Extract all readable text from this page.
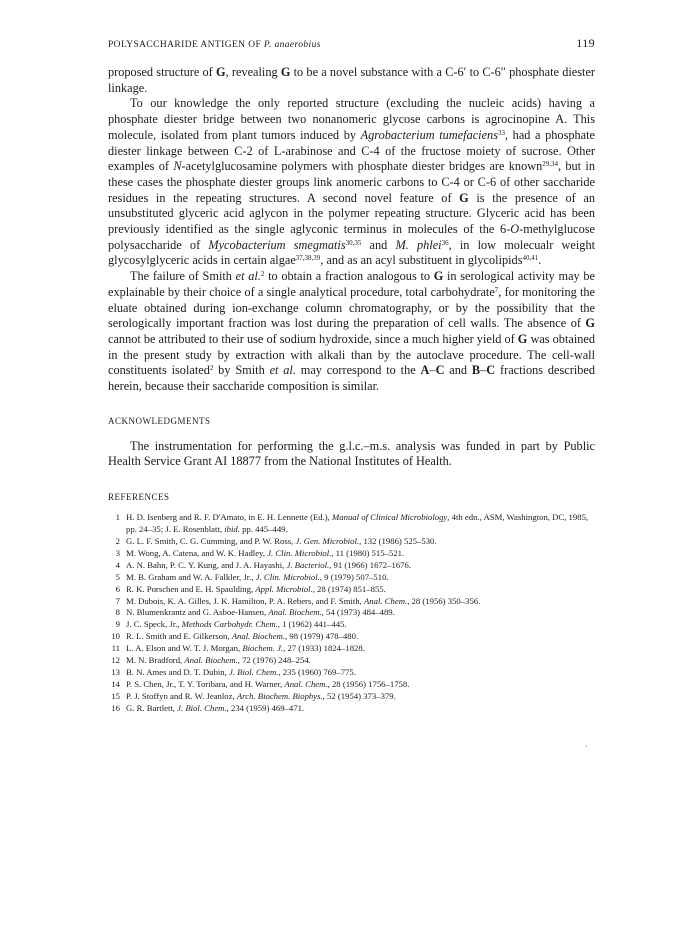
POLYSACCHARIDE ANTIGEN OF P. anaerobius	119

proposed structure of G, revealing G to be a novel substance with a C-6′ to C-6″ phosphate diester linkage.

To our knowledge the only reported structure (excluding the nucleic acids) having a phosphate diester bridge between two nonanomeric glycose carbons is agrocinopine A. This molecule, isolated from plant tumors induced by Agrobacterium tumefaciens$^{33}$, had a phosphate diester linkage between C-2 of L-arabinose and C-4 of the fructose moiety of sucrose. Other examples of N-acetylglucosamine polymers with phosphate diester bridges are known$^{29,34}$, but in these cases the phosphate diester groups link anomeric carbons to C-4 or C-6 of other saccharide residues in the repeating structures. A second novel feature of G is the presence of an unsubstituted glyceric acid aglycon in the polymer repeating structure. Glyceric acid has been previously identified as the single aglyconic terminus in molecules of the 6-O-methylglucose polysaccharide of Mycobacterium smegmatis$^{30,35}$ and M. phlei$^{36}$, in low molecualr weight glycosylglyceric acids in certain algae$^{37,38,39}$, and as an acyl substituent in glycolipids$^{40,41}$.

The failure of Smith et al.$^2$ to obtain a fraction analogous to G in serological activity may be explainable by their choice of a single analytical procedure, total carbohydrate$^7$, for monitoring the eluate obtained during ion-exchange column chromatography, or by the possibility that the serologically important fraction was lost during the preparation of cell walls. The absence of G cannot be attributed to their use of sodium hydroxide, since a much higher yield of G was obtained in the present study by extraction with alkali than by the autoclave procedure. The cell-wall constituents isolated$^2$ by Smith et al. may correspond to the A–C and B–C fractions described herein, because their saccharide composition is similar.

ACKNOWLEDGMENTS

The instrumentation for performing the g.l.c.–m.s. analysis was funded in part by Public Health Service Grant AI 18877 from the National Institutes of Health.

REFERENCES
1 H. D. Isenberg and R. F. D'Amato, in E. H. Lennette (Ed.), Manual of Clinical Microbiology, 4th edn., ASM, Washington, DC, 1985, pp. 24–35; J. E. Rosenblatt, ibid. pp. 445–449.
2 G. L. F. Smith, C. G. Cumming, and P. W. Ross, J. Gen. Microbiol., 132 (1986) 525–530.
3 M. Wong, A. Catena, and W. K. Hadley, J. Clin. Microbiol., 11 (1980) 515–521.
4 A. N. Bahn, P. C. Y. Kung, and J. A. Hayashi, J. Bacteriol., 91 (1966) 1672–1676.
5 M. B. Graham and W. A. Falkler, Jr., J. Clin. Microbiol., 9 (1979) 507–510.
6 R. K. Porschen and E. H. Spaulding, Appl. Microbiol., 28 (1974) 851–855.
7 M. Dubois, K. A. Gilles, J. K. Hamilton, P. A. Rebers, and F. Smith, Anal. Chem., 28 (1956) 350–356.
8 N. Blumenkrantz and G. Asboe-Hansen, Anal. Biochem., 54 (1973) 484–489.
9 J. C. Speck, Jr., Methods Carbohydr. Chem., 1 (1962) 441–445.
10 R. L. Smith and E. Gilkerson, Anal. Biochem., 98 (1979) 478–480.
11 L. A. Elson and W. T. J. Morgan, Biochem. J., 27 (1933) 1824–1828.
12 M. N. Bradford, Anal. Biochem., 72 (1976) 248–254.
13 B. N. Ames and D. T. Dubin, J. Biol. Chem., 235 (1960) 769–775.
14 P. S. Chen, Jr., T. Y. Toribara, and H. Warner, Anal. Chem., 28 (1956) 1756–1758.
15 P. J. Stoffyn and R. W. Jeanloz, Arch. Biochem. Biophys., 52 (1954) 373–379.
16 G. R. Bartlett, J. Biol. Chem., 234 (1959) 469–471.
·
